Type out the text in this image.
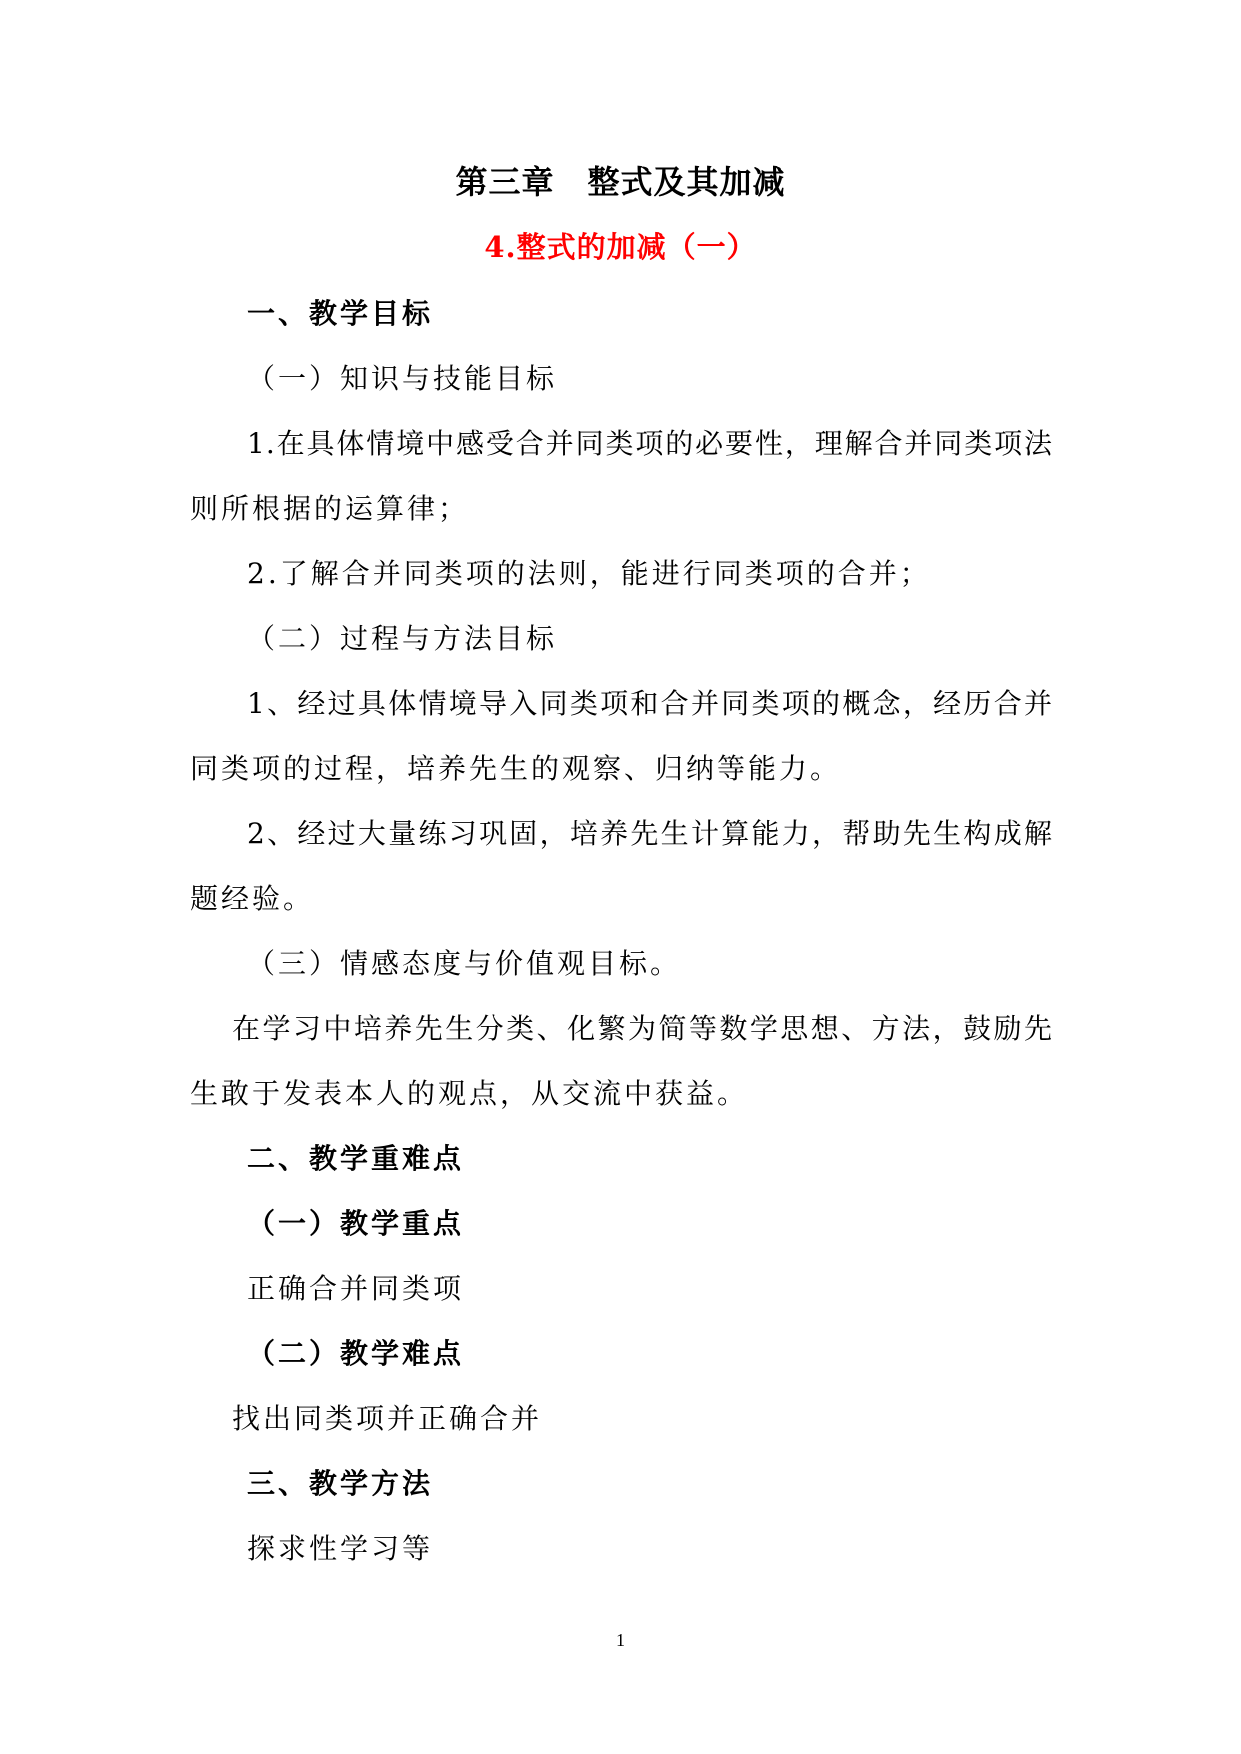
第三章　整式及其加减
4.整式的加减（一）
一、教学目标
（一）知识与技能目标
1.在具体情境中感受合并同类项的必要性，理解合并同类项法
则所根据的运算律；
2.了解合并同类项的法则，能进行同类项的合并；
（二）过程与方法目标
1、经过具体情境导入同类项和合并同类项的概念，经历合并
同类项的过程，培养先生的观察、归纳等能力。
2、经过大量练习巩固，培养先生计算能力，帮助先生构成解
题经验。
（三）情感态度与价值观目标。
在学习中培养先生分类、化繁为简等数学思想、方法，鼓励先
生敢于发表本人的观点，从交流中获益。
二、教学重难点
（一）教学重点
正确合并同类项
（二）教学难点
找出同类项并正确合并
三、教学方法
探求性学习等
1
